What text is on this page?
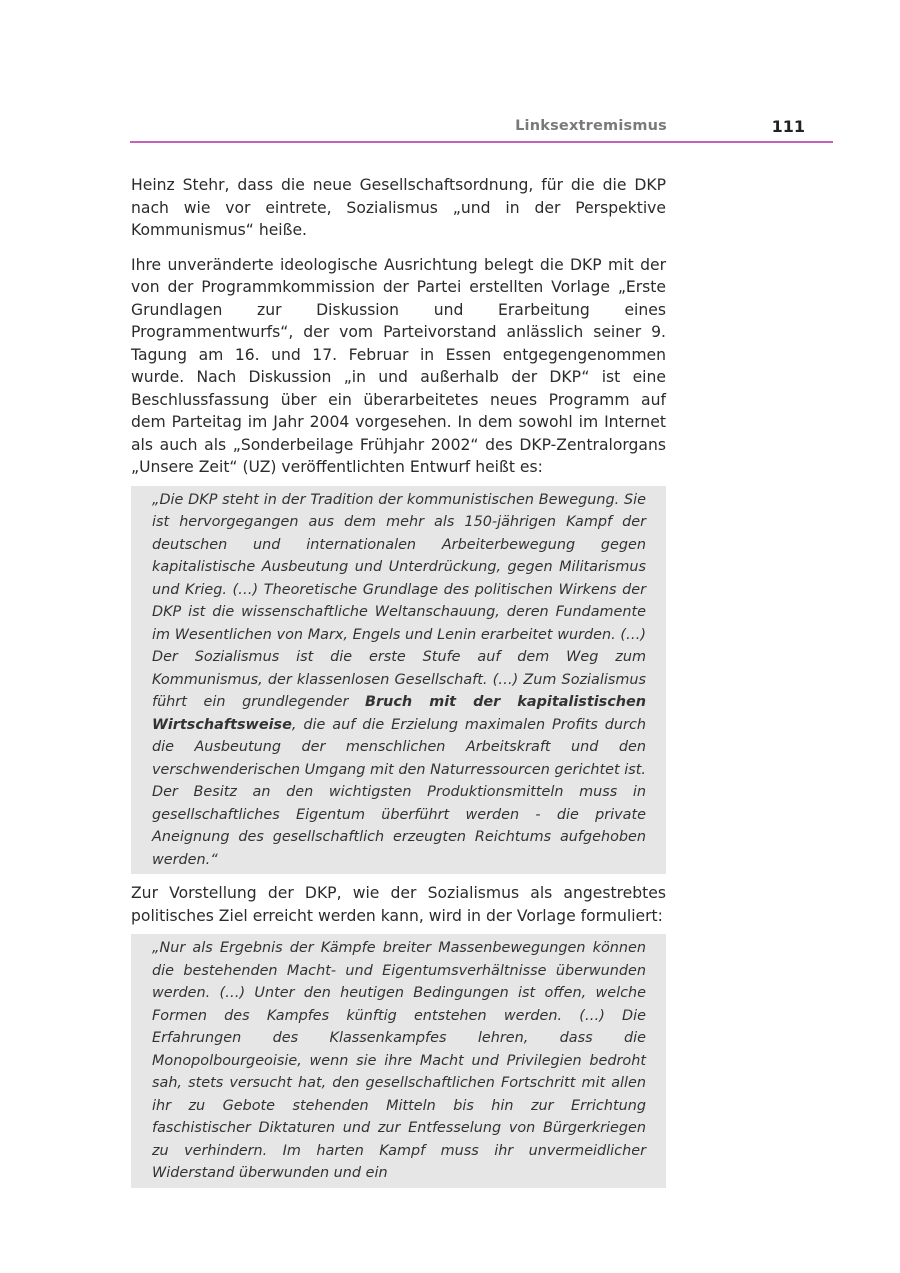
Linksextremismus	111

Heinz Stehr, dass die neue Gesellschaftsordnung, für die die DKP nach wie vor eintrete, Sozialismus „und in der Perspektive Kommunismus“ heiße.

Ihre unveränderte ideologische Ausrichtung belegt die DKP mit der von der Programmkommission der Partei erstellten Vorlage „Erste Grundlagen zur Diskussion und Erarbeitung eines Programmentwurfs“, der vom Parteivorstand anlässlich seiner 9. Tagung am 16. und 17. Februar in Essen entgegengenommen wurde. Nach Diskussion „in und außerhalb der DKP“ ist eine Beschlussfassung über ein überarbeitetes neues Programm auf dem Parteitag im Jahr 2004 vorgesehen. In dem sowohl im Internet als auch als „Sonderbeilage Frühjahr 2002“ des DKP-Zentralorgans „Unsere Zeit“ (UZ) veröffentlichten Entwurf heißt es:

„Die DKP steht in der Tradition der kommunistischen Bewegung. Sie ist hervorgegangen aus dem mehr als 150-jährigen Kampf der deutschen und internationalen Arbeiterbewegung gegen kapitalistische Ausbeutung und Unterdrückung, gegen Militarismus und Krieg. (…) Theoretische Grundlage des politischen Wirkens der DKP ist die wissenschaftliche Weltanschauung, deren Fundamente im Wesentlichen von Marx, Engels und Lenin erarbeitet wurden. (…) Der Sozialismus ist die erste Stufe auf dem Weg zum Kommunismus, der klassenlosen Gesellschaft. (…) Zum Sozialismus führt ein grundlegender Bruch mit der kapitalistischen Wirtschaftsweise, die auf die Erzielung maximalen Profits durch die Ausbeutung der menschlichen Arbeitskraft und den verschwenderischen Umgang mit den Naturressourcen gerichtet ist. Der Besitz an den wichtigsten Produktionsmitteln muss in gesellschaftliches Eigentum überführt werden - die private Aneignung des gesellschaftlich erzeugten Reichtums aufgehoben werden.“

Zur Vorstellung der DKP, wie der Sozialismus als angestrebtes politisches Ziel erreicht werden kann, wird in der Vorlage formuliert:

„Nur als Ergebnis der Kämpfe breiter Massenbewegungen können die bestehenden Macht- und Eigentumsverhältnisse überwunden werden. (…) Unter den heutigen Bedingungen ist offen, welche Formen des Kampfes künftig entstehen werden. (…) Die Erfahrungen des Klassenkampfes lehren, dass die Monopolbourgeoisie, wenn sie ihre Macht und Privilegien bedroht sah, stets versucht hat, den gesellschaftlichen Fortschritt mit allen ihr zu Gebote stehenden Mitteln bis hin zur Errichtung faschistischer Diktaturen und zur Entfesselung von Bürgerkriegen zu verhindern. Im harten Kampf muss ihr unvermeidlicher Widerstand überwunden und ein
